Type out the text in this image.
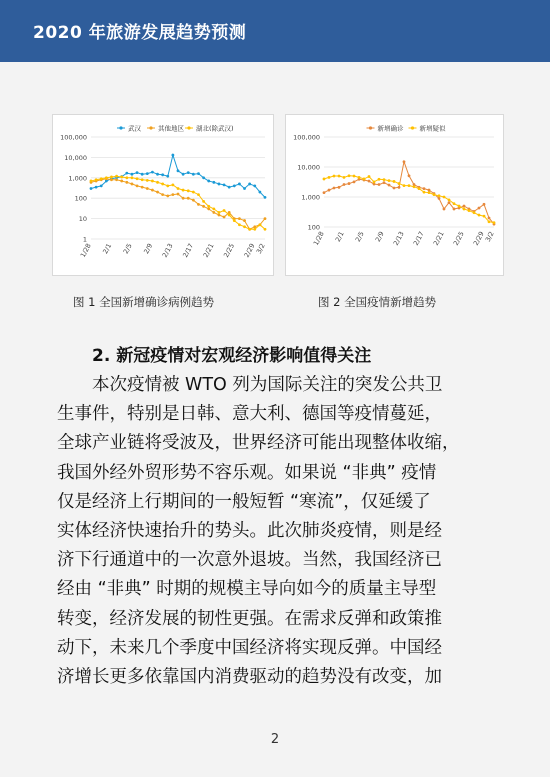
2020 年旅游发展趋势预测
1
10
100
1,000
10,000
100,000
1/28 2/1 2/5 2/9 2/13 2/17 2/21 2/25 2/29
3/2
武汉	其他地区 湖北(除武汉)
100
1,000
10,000
100,000
1/28 2/1 2/5 2/9 2/13 2/17 2/21 2/25 2/29
3/2
新增确诊 新增疑似
图 1 全国新增确诊病例趋势	图 2 全国疫情新增趋势
2. 新冠疫情对宏观经济影响值得关注
本次疫情被 WTO 列为国际关注的突发公共卫
生事件，特别是日韩、意大利、德国等疫情蔓延，
全球产业链将受波及，世界经济可能出现整体收缩，
我国外经外贸形势不容乐观。如果说 “非典” 疫情
仅是经济上行期间的一般短暂 “寒流”，仅延缓了
实体经济快速抬升的势头。此次肺炎疫情，则是经
济下行通道中的一次意外退坡。当然，我国经济已
经由 “非典” 时期的规模主导向如今的质量主导型
转变，经济发展的韧性更强。在需求反弹和政策推
动下，未来几个季度中国经济将实现反弹。中国经
济增长更多依靠国内消费驱动的趋势没有改变，加
2
